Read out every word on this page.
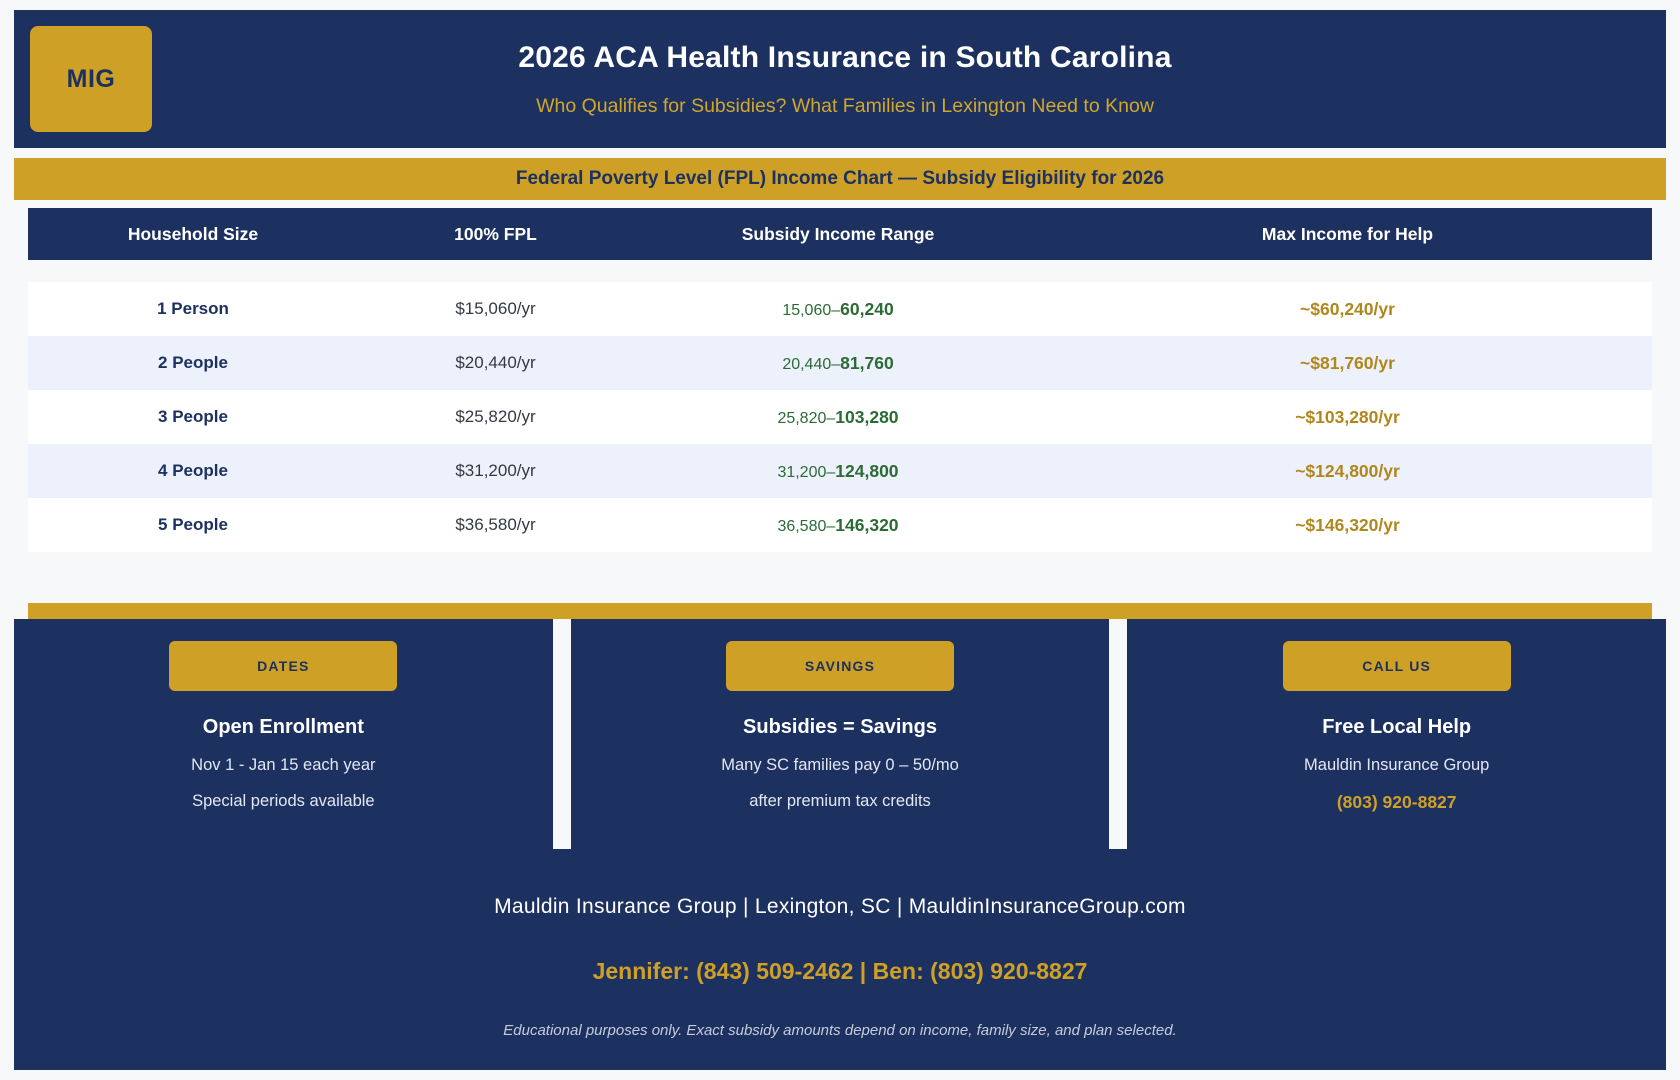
MIG
2026 ACA Health Insurance in South Carolina
Who Qualifies for Subsidies? What Families in Lexington Need to Know
Federal Poverty Level (FPL) Income Chart — Subsidy Eligibility for 2026
Household Size	100% FPL	Subsidy Income Range	Max Income for Help
1 Person	$15,060/yr	15,060–60,240	~$60,240/yr
2 People	$20,440/yr	20,440–81,760	~$81,760/yr
3 People	$25,820/yr	25,820–103,280	~$103,280/yr
4 People	$31,200/yr	31,200–124,800	~$124,800/yr
5 People	$36,580/yr	36,580–146,320	~$146,320/yr
DATES
Open Enrollment
Nov 1 - Jan 15 each year
Special periods available
SAVINGS
Subsidies = Savings
Many SC families pay 0 – 50/mo
after premium tax credits
CALL US
Free Local Help
Mauldin Insurance Group
(803) 920-8827
Mauldin Insurance Group | Lexington, SC | MauldinInsuranceGroup.com
Jennifer: (843) 509-2462 | Ben: (803) 920-8827
Educational purposes only. Exact subsidy amounts depend on income, family size, and plan selected.
